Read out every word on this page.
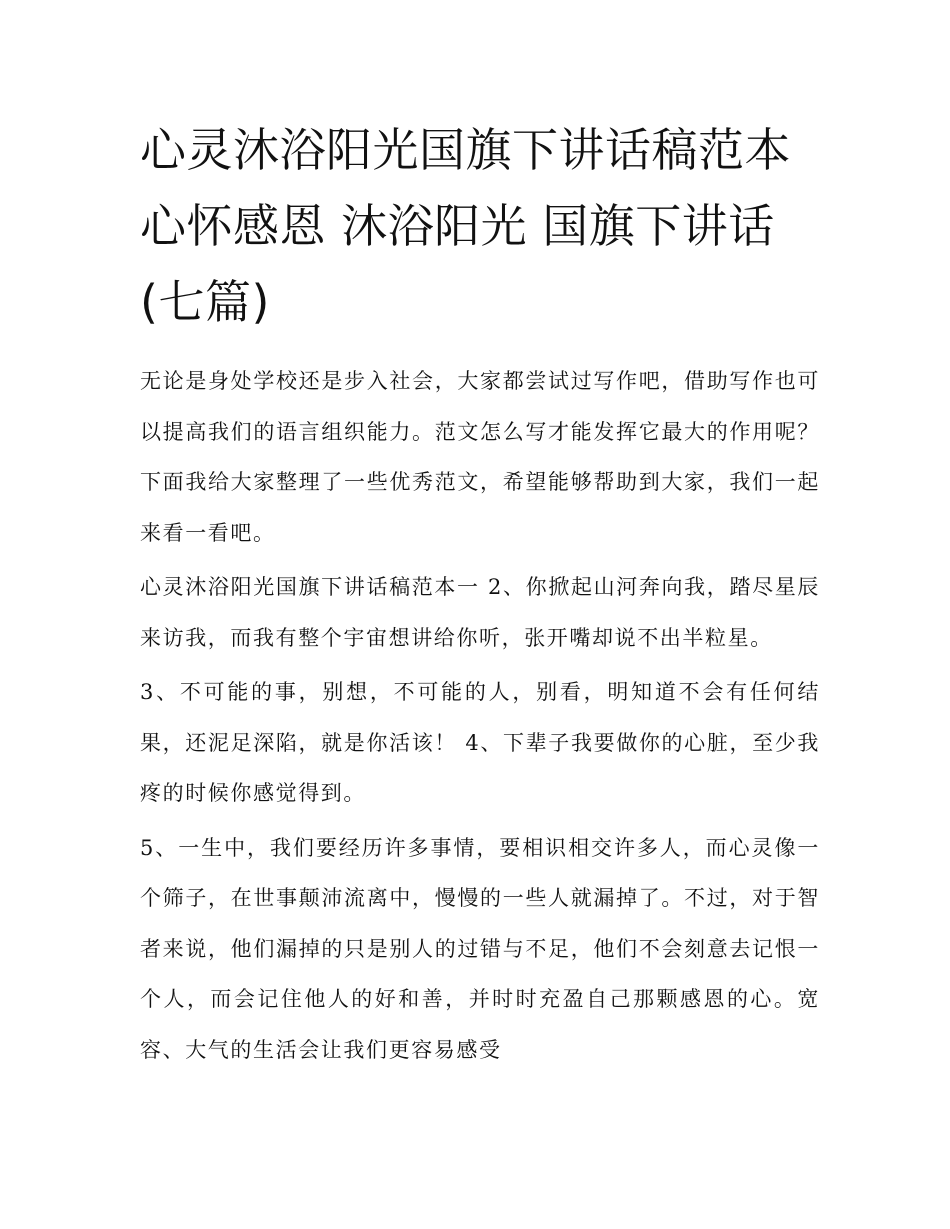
心灵沐浴阳光国旗下讲话稿范本 心怀感恩 沐浴阳光 国旗下讲话(七篇)

无论是身处学校还是步入社会，大家都尝试过写作吧，借助写作也可以提高我们的语言组织能力。范文怎么写才能发挥它最大的作用呢？下面我给大家整理了一些优秀范文，希望能够帮助到大家，我们一起来看一看吧。

心灵沐浴阳光国旗下讲话稿范本一 2、你掀起山河奔向我，踏尽星辰来访我，而我有整个宇宙想讲给你听，张开嘴却说不出半粒星。

3、不可能的事，别想，不可能的人，别看，明知道不会有任何结果，还泥足深陷，就是你活该！ 4、下辈子我要做你的心脏，至少我疼的时候你感觉得到。

5、一生中，我们要经历许多事情，要相识相交许多人，而心灵像一个筛子，在世事颠沛流离中，慢慢的一些人就漏掉了。不过，对于智者来说，他们漏掉的只是别人的过错与不足，他们不会刻意去记恨一个人，而会记住他人的好和善，并时时充盈自己那颗感恩的心。宽容、大气的生活会让我们更容易感受
